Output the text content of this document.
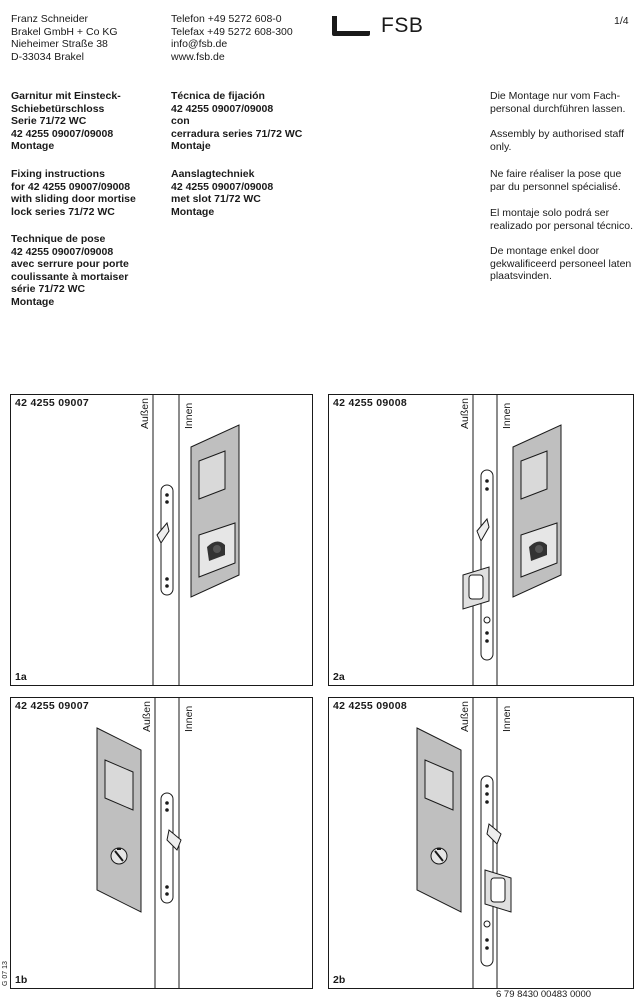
Franz Schneider
Brakel GmbH + Co KG
Nieheimer Straße 38
D-33034 Brakel
Telefon +49 5272 608-0
Telefax +49 5272 608-300
info@fsb.de
www.fsb.de
FSB	1/4
Garnitur mit Einsteck-
Schiebetürschloss
Serie 71/72 WC
42 4255 09007/09008
Montage
Fixing instructions
for 42 4255 09007/09008
with sliding door mortise
lock series 71/72 WC
Technique de pose
42 4255 09007/09008
avec serrure pour porte
coulissante à mortaiser
série 71/72 WC
Montage
Técnica de fijación
42 4255 09007/09008
con
cerradura series 71/72 WC
Montaje
Aanslagtechniek
42 4255 09007/09008
met slot 71/72 WC
Montage
Die Montage nur vom Fach-
personal durchführen lassen.
Assembly by authorised staff
only.
Ne faire réaliser la pose que
par du personnel spécialisé.
El montaje solo podrá ser
realizado por personal técnico.
De montage enkel door
gekwalificeerd personeel laten
plaatsvinden.
42 4255 09007
1a
Außen	Innen	42 4255 09008
2a
Außen	Innen
42 4255 09007
1b
Außen	Innen	42 4255 09008
2b
Außen	Innen
6 79 8430 00483 0000
G 07 13
